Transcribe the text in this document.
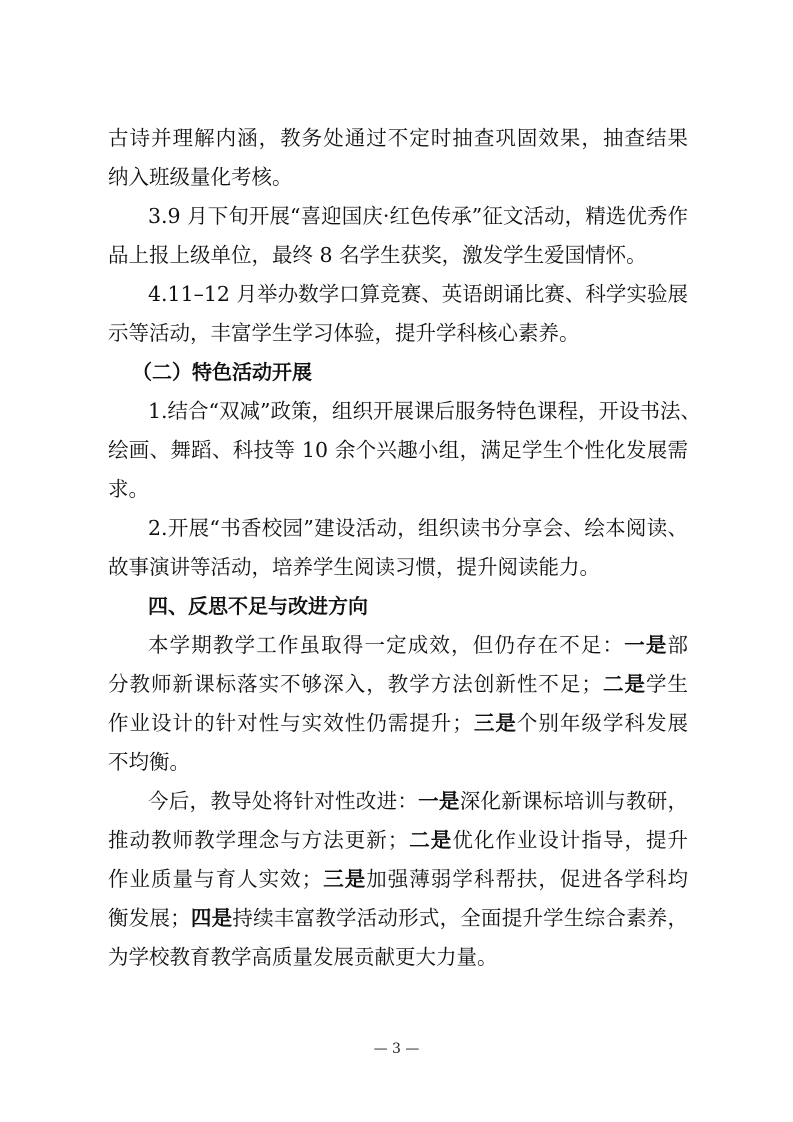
古诗并理解内涵，教务处通过不定时抽查巩固效果，抽查结果
纳入班级量化考核。
3.9 月下旬开展“喜迎国庆·红色传承”征文活动，精选优秀作
品上报上级单位，最终 8 名学生获奖，激发学生爱国情怀。
4.11–12 月举办数学口算竞赛、英语朗诵比赛、科学实验展
示等活动，丰富学生学习体验，提升学科核心素养。
（二）特色活动开展
1.结合“双减”政策，组织开展课后服务特色课程，开设书法、
绘画、舞蹈、科技等 10 余个兴趣小组，满足学生个性化发展需
求。
2.开展“书香校园”建设活动，组织读书分享会、绘本阅读、
故事演讲等活动，培养学生阅读习惯，提升阅读能力。
四、反思不足与改进方向
本学期教学工作虽取得一定成效，但仍存在不足：一是部
分教师新课标落实不够深入，教学方法创新性不足；二是学生
作业设计的针对性与实效性仍需提升；三是个别年级学科发展
不均衡。
今后，教导处将针对性改进：一是深化新课标培训与教研，
推动教师教学理念与方法更新；二是优化作业设计指导，提升
作业质量与育人实效；三是加强薄弱学科帮扶，促进各学科均
衡发展；四是持续丰富教学活动形式，全面提升学生综合素养，
为学校教育教学高质量发展贡献更大力量。
— 3 —
